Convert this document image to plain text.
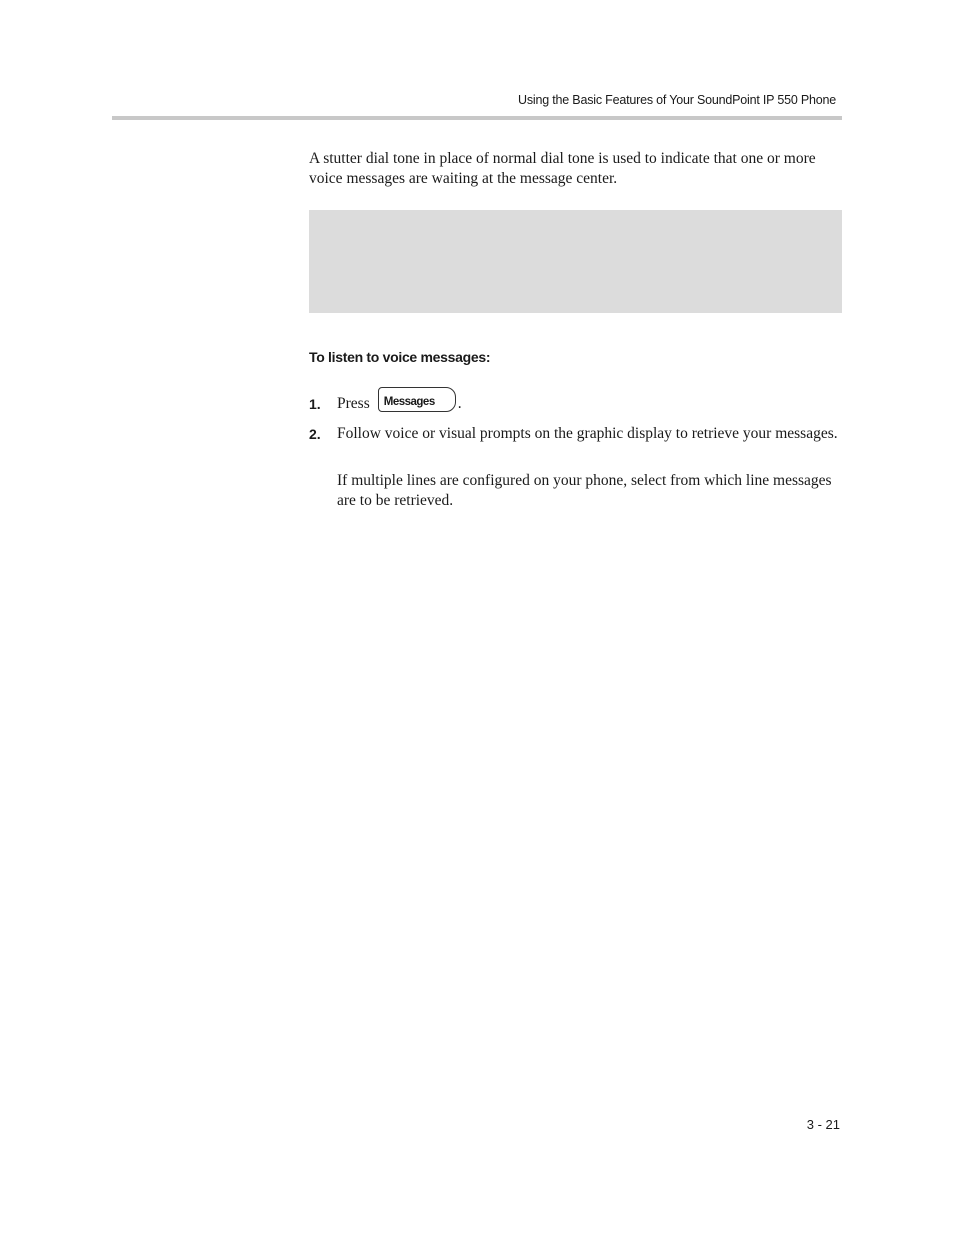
Using the Basic Features of Your SoundPoint IP 550 Phone

A stutter dial tone in place of normal dial tone is used to indicate that one or more voice messages are waiting at the message center.

To listen to voice messages:
1. Press Messages .
2. Follow voice or visual prompts on the graphic display to retrieve your messages.

If multiple lines are configured on your phone, select from which line messages are to be retrieved.

3 - 21
